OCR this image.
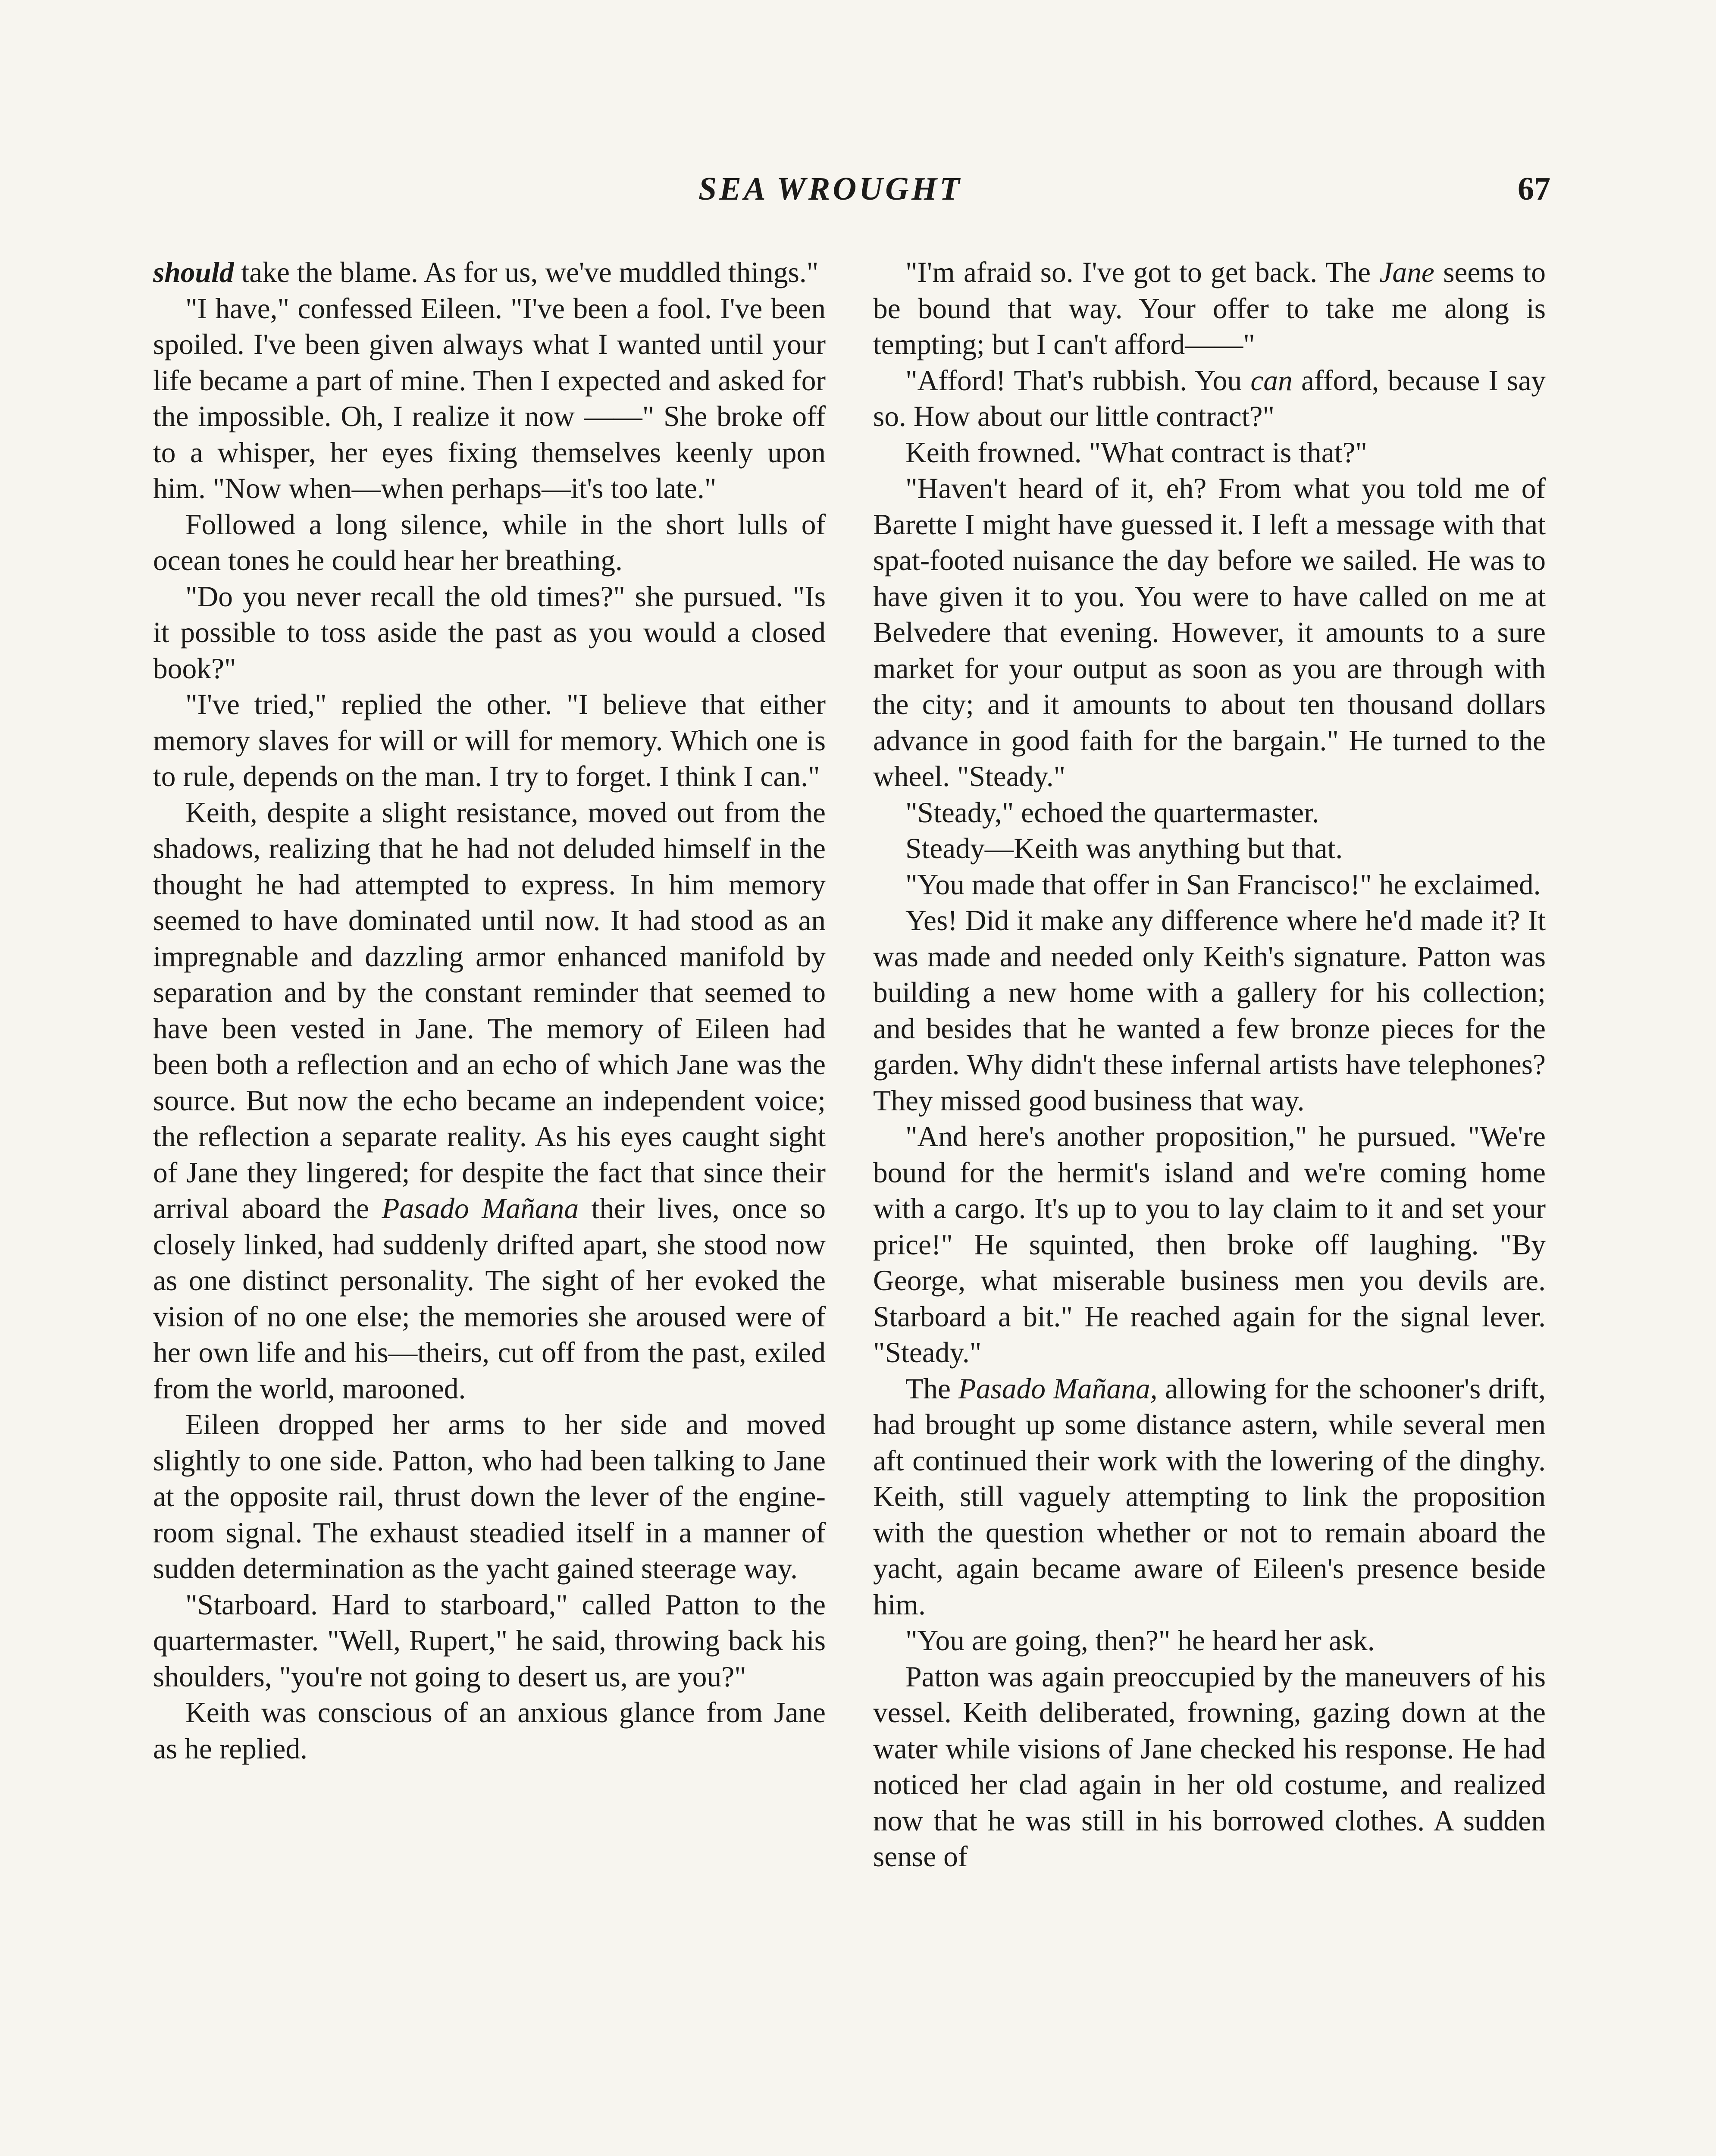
SEA WROUGHT	67

should take the blame. As for us, we've muddled things."

"I have," confessed Eileen. "I've been a fool. I've been spoiled. I've been given always what I wanted until your life became a part of mine. Then I expected and asked for the impossible. Oh, I realize it now ——" She broke off to a whisper, her eyes fixing themselves keenly upon him. "Now when—when perhaps—it's too late."

Followed a long silence, while in the short lulls of ocean tones he could hear her breathing.

"Do you never recall the old times?" she pursued. "Is it possible to toss aside the past as you would a closed book?"

"I've tried," replied the other. "I believe that either memory slaves for will or will for memory. Which one is to rule, depends on the man. I try to forget. I think I can."

Keith, despite a slight resistance, moved out from the shadows, realizing that he had not deluded himself in the thought he had attempted to express. In him memory seemed to have dominated until now. It had stood as an impregnable and dazzling armor enhanced manifold by separation and by the constant reminder that seemed to have been vested in Jane. The memory of Eileen had been both a reflection and an echo of which Jane was the source. But now the echo became an independent voice; the reflection a separate reality. As his eyes caught sight of Jane they lingered; for despite the fact that since their arrival aboard the Pasado Mañana their lives, once so closely linked, had suddenly drifted apart, she stood now as one distinct personality. The sight of her evoked the vision of no one else; the memories she aroused were of her own life and his—theirs, cut off from the past, exiled from the world, marooned.

Eileen dropped her arms to her side and moved slightly to one side. Patton, who had been talking to Jane at the opposite rail, thrust down the lever of the engine-room signal. The exhaust steadied itself in a manner of sudden determination as the yacht gained steerage way.

"Starboard. Hard to starboard," called Patton to the quartermaster. "Well, Rupert," he said, throwing back his shoulders, "you're not going to desert us, are you?"

Keith was conscious of an anxious glance from Jane as he replied.

"I'm afraid so. I've got to get back. The Jane seems to be bound that way. Your offer to take me along is tempting; but I can't afford——"

"Afford! That's rubbish. You can afford, because I say so. How about our little contract?"

Keith frowned. "What contract is that?"

"Haven't heard of it, eh? From what you told me of Barette I might have guessed it. I left a message with that spat-footed nuisance the day before we sailed. He was to have given it to you. You were to have called on me at Belvedere that evening. However, it amounts to a sure market for your output as soon as you are through with the city; and it amounts to about ten thousand dollars advance in good faith for the bargain." He turned to the wheel. "Steady."

"Steady," echoed the quartermaster.

Steady—Keith was anything but that.

"You made that offer in San Francisco!" he exclaimed.

Yes! Did it make any difference where he'd made it? It was made and needed only Keith's signature. Patton was building a new home with a gallery for his collection; and besides that he wanted a few bronze pieces for the garden. Why didn't these infernal artists have telephones? They missed good business that way.

"And here's another proposition," he pursued. "We're bound for the hermit's island and we're coming home with a cargo. It's up to you to lay claim to it and set your price!" He squinted, then broke off laughing. "By George, what miserable business men you devils are. Starboard a bit." He reached again for the signal lever. "Steady."

The Pasado Mañana, allowing for the schooner's drift, had brought up some distance astern, while several men aft continued their work with the lowering of the dinghy. Keith, still vaguely attempting to link the proposition with the question whether or not to remain aboard the yacht, again became aware of Eileen's presence beside him.

"You are going, then?" he heard her ask.

Patton was again preoccupied by the maneuvers of his vessel. Keith deliberated, frowning, gazing down at the water while visions of Jane checked his response. He had noticed her clad again in her old costume, and realized now that he was still in his borrowed clothes. A sudden sense of
